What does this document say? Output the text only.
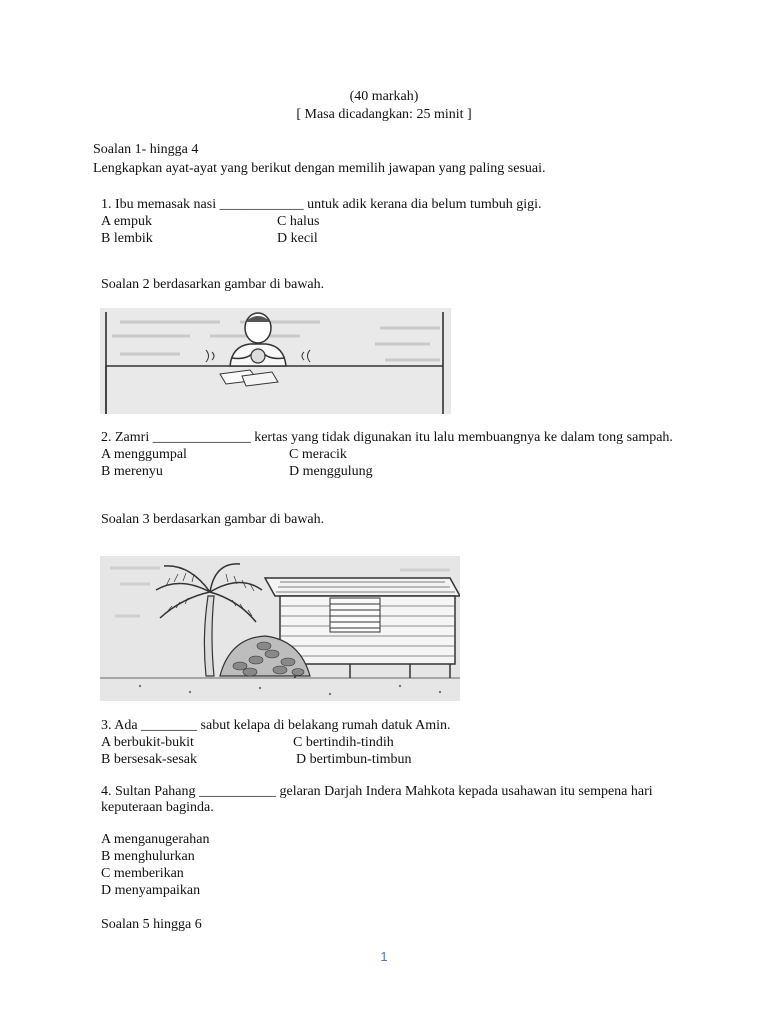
(40 markah)
[ Masa dicadangkan: 25 minit ]
Soalan 1- hingga 4
Lengkapkan ayat-ayat yang berikut dengan memilih jawapan yang paling sesuai.
1. Ibu memasak nasi ____________ untuk adik kerana dia belum tumbuh gigi.
A empuk	C halus
B lembik	D kecil
Soalan 2 berdasarkan gambar di bawah.
2. Zamri ______________ kertas yang tidak digunakan itu lalu membuangnya ke dalam tong sampah.
A menggumpal	C meracik
B merenyu	D menggulung
Soalan 3 berdasarkan gambar di bawah.
3. Ada ________ sabut kelapa di belakang rumah datuk Amin.
A berbukit-bukit	C bertindih-tindih
B bersesak-sesak	D bertimbun-timbun
4. Sultan Pahang ___________ gelaran Darjah Indera Mahkota kepada usahawan itu sempena hari
keputeraan baginda.
A menganugerahan
B menghulurkan
C memberikan
D menyampaikan
Soalan 5 hingga 6
1
